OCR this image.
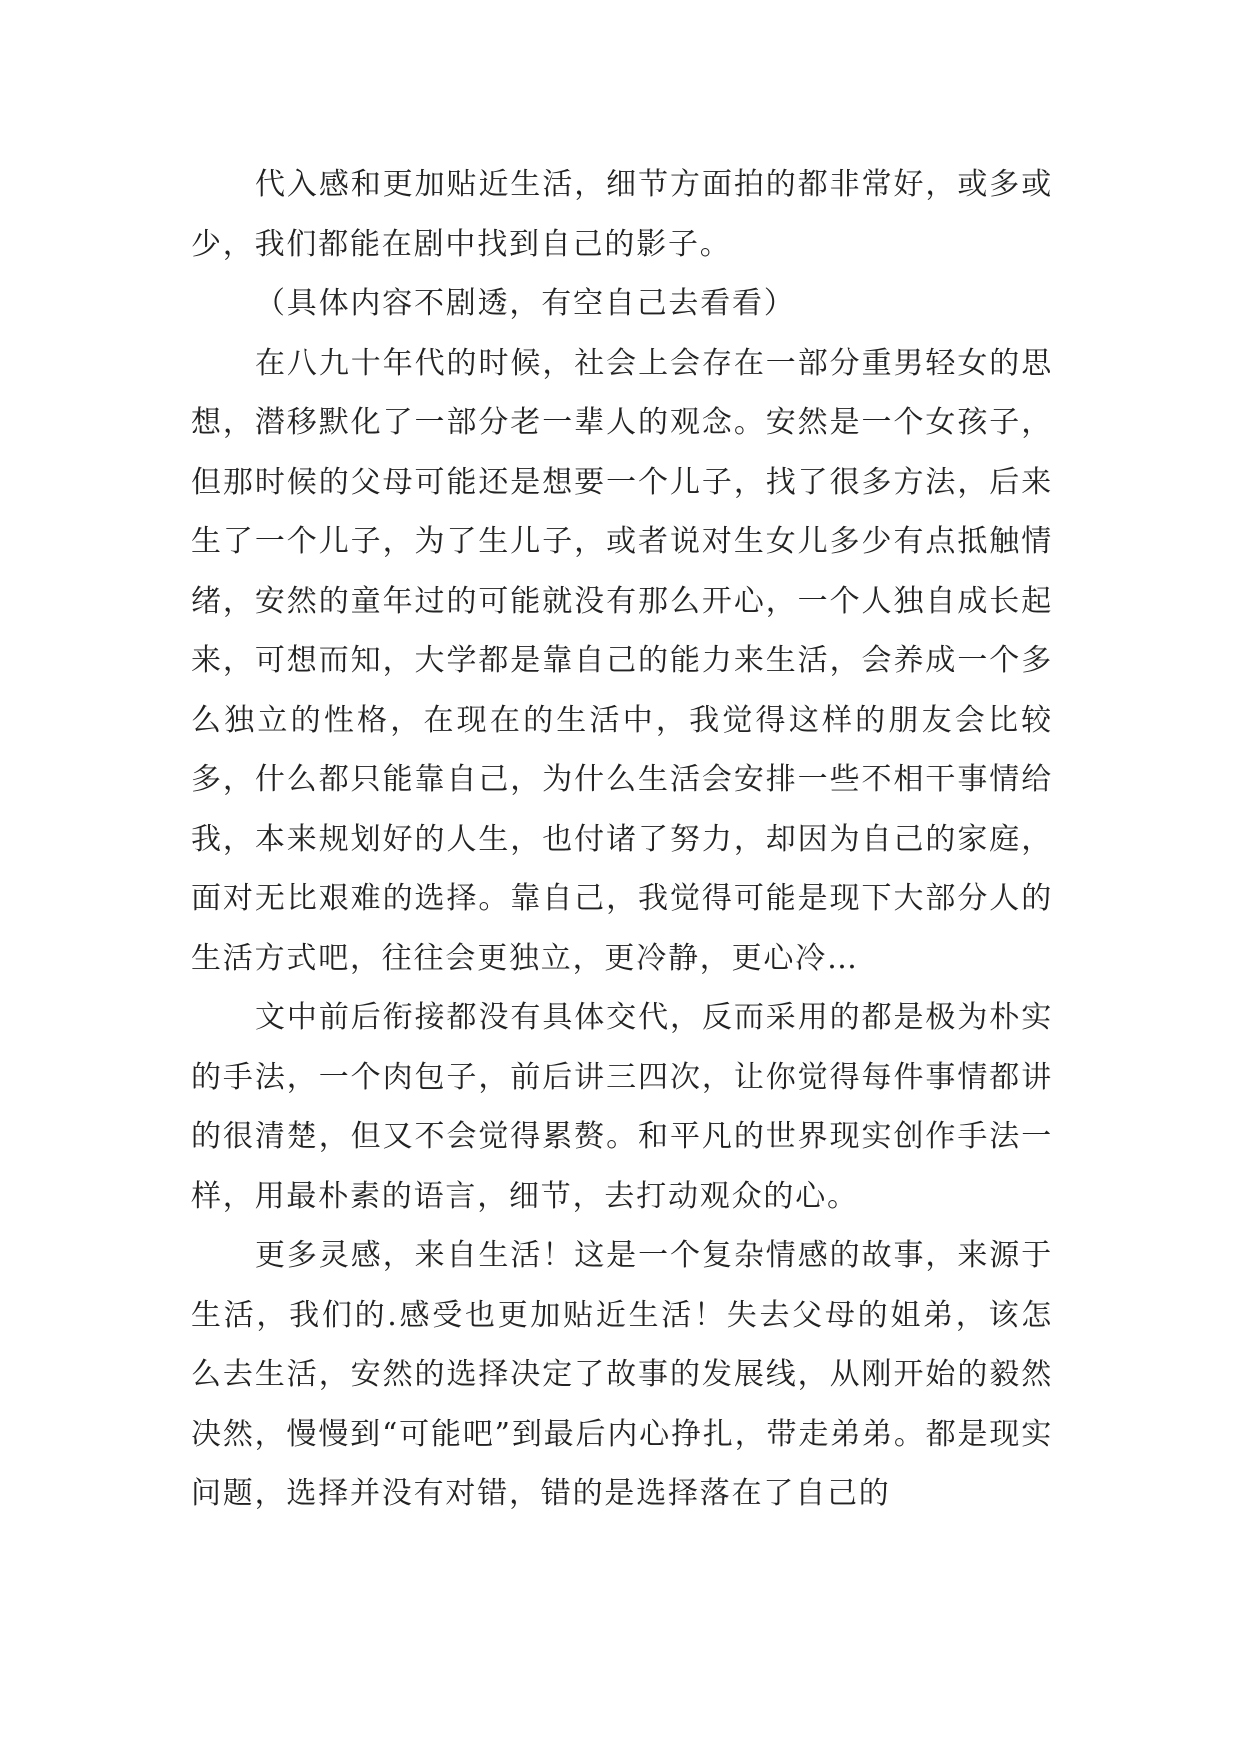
代入感和更加贴近生活，细节方面拍的都非常好，或多或少，我们都能在剧中找到自己的影子。

（具体内容不剧透，有空自己去看看）

在八九十年代的时候，社会上会存在一部分重男轻女的思想，潜移默化了一部分老一辈人的观念。安然是一个女孩子，但那时候的父母可能还是想要一个儿子，找了很多方法，后来生了一个儿子，为了生儿子，或者说对生女儿多少有点抵触情绪，安然的童年过的可能就没有那么开心，一个人独自成长起来，可想而知，大学都是靠自己的能力来生活，会养成一个多么独立的性格，在现在的生活中，我觉得这样的朋友会比较多，什么都只能靠自己，为什么生活会安排一些不相干事情给我，本来规划好的人生，也付诸了努力，却因为自己的家庭，面对无比艰难的选择。靠自己，我觉得可能是现下大部分人的生活方式吧，往往会更独立，更冷静，更心冷…

文中前后衔接都没有具体交代，反而采用的都是极为朴实的手法，一个肉包子，前后讲三四次，让你觉得每件事情都讲的很清楚，但又不会觉得累赘。和平凡的世界现实创作手法一样，用最朴素的语言，细节，去打动观众的心。

更多灵感，来自生活！这是一个复杂情感的故事，来源于生活，我们的.感受也更加贴近生活！失去父母的姐弟，该怎么去生活，安然的选择决定了故事的发展线，从刚开始的毅然决然，慢慢到“可能吧”到最后内心挣扎，带走弟弟。都是现实问题，选择并没有对错，错的是选择落在了自己的
